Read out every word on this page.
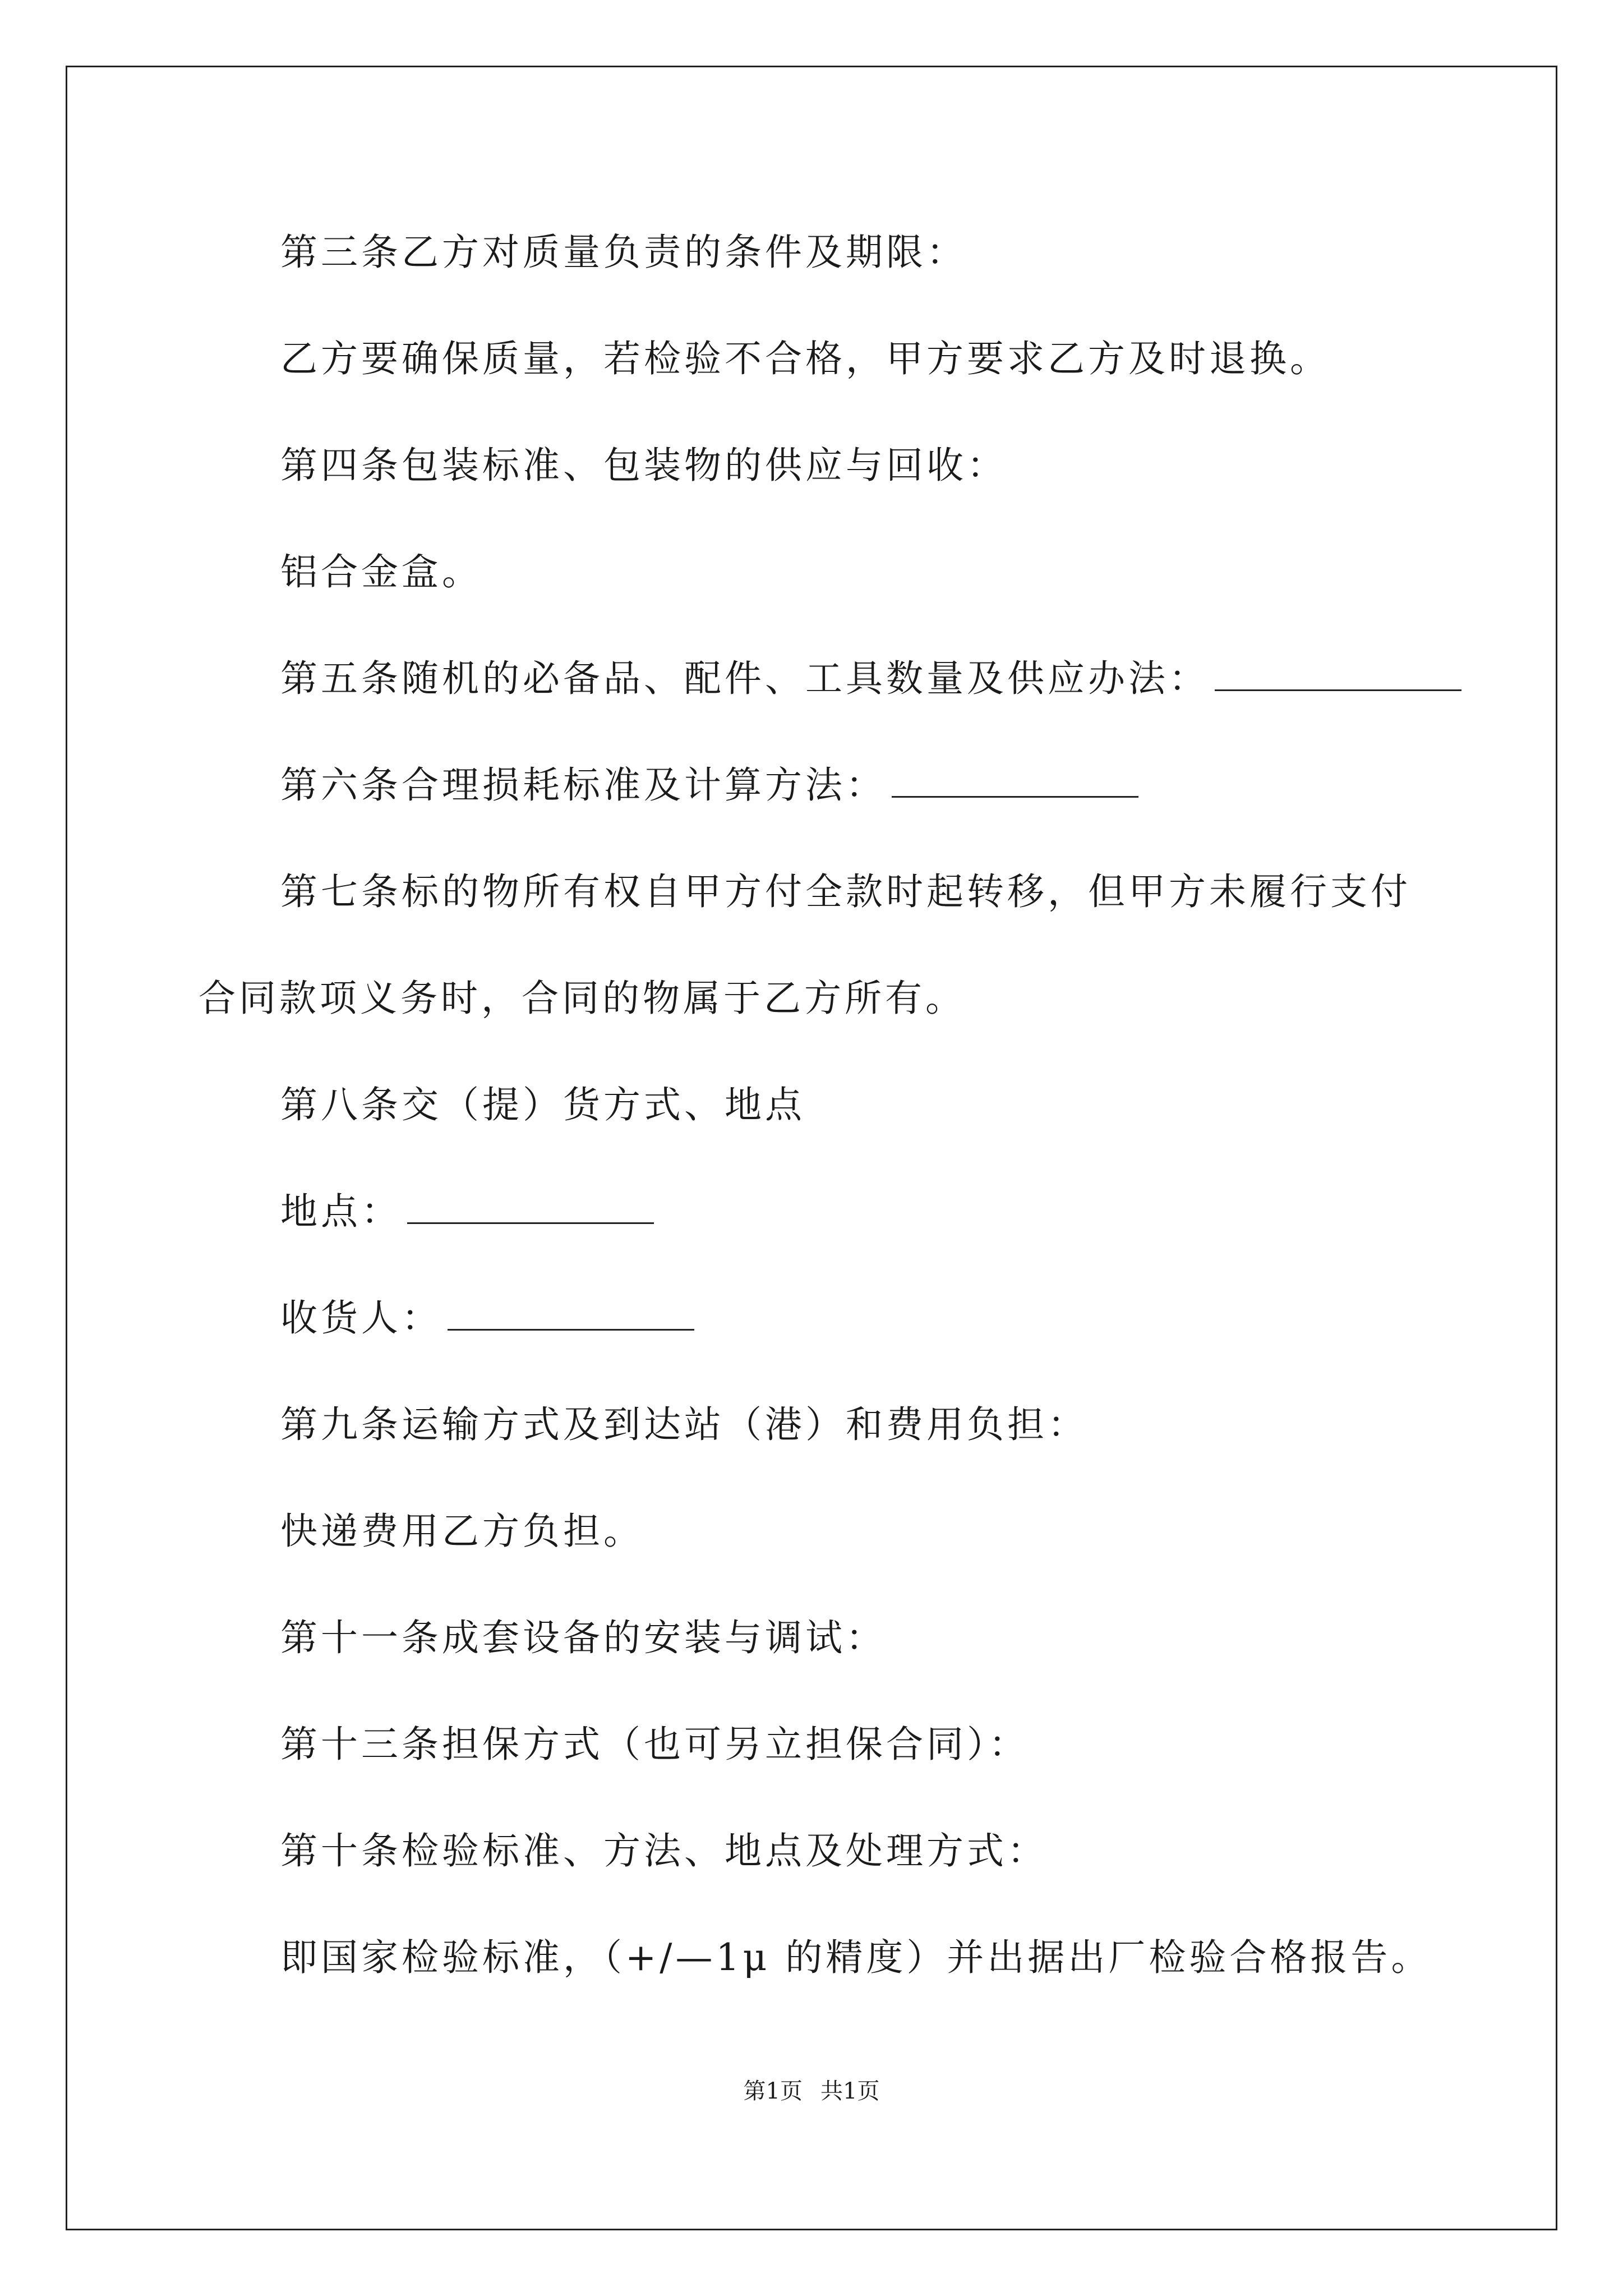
第三条乙方对质量负责的条件及期限：
乙方要确保质量，若检验不合格，甲方要求乙方及时退换。
第四条包装标准、包装物的供应与回收：
铝合金盒。
第五条随机的必备品、配件、工具数量及供应办法：
第六条合理损耗标准及计算方法：
第七条标的物所有权自甲方付全款时起转移，但甲方未履行支付
合同款项义务时，合同的物属于乙方所有。
第八条交（提）货方式、地点
地点：
收货人：
第九条运输方式及到达站（港）和费用负担：
快递费用乙方负担。
第十一条成套设备的安装与调试：
第十三条担保方式（也可另立担保合同）：
第十条检验标准、方法、地点及处理方式：
即国家检验标准，（+/—1μ 的精度）并出据出厂检验合格报告。
第1页 共1页
